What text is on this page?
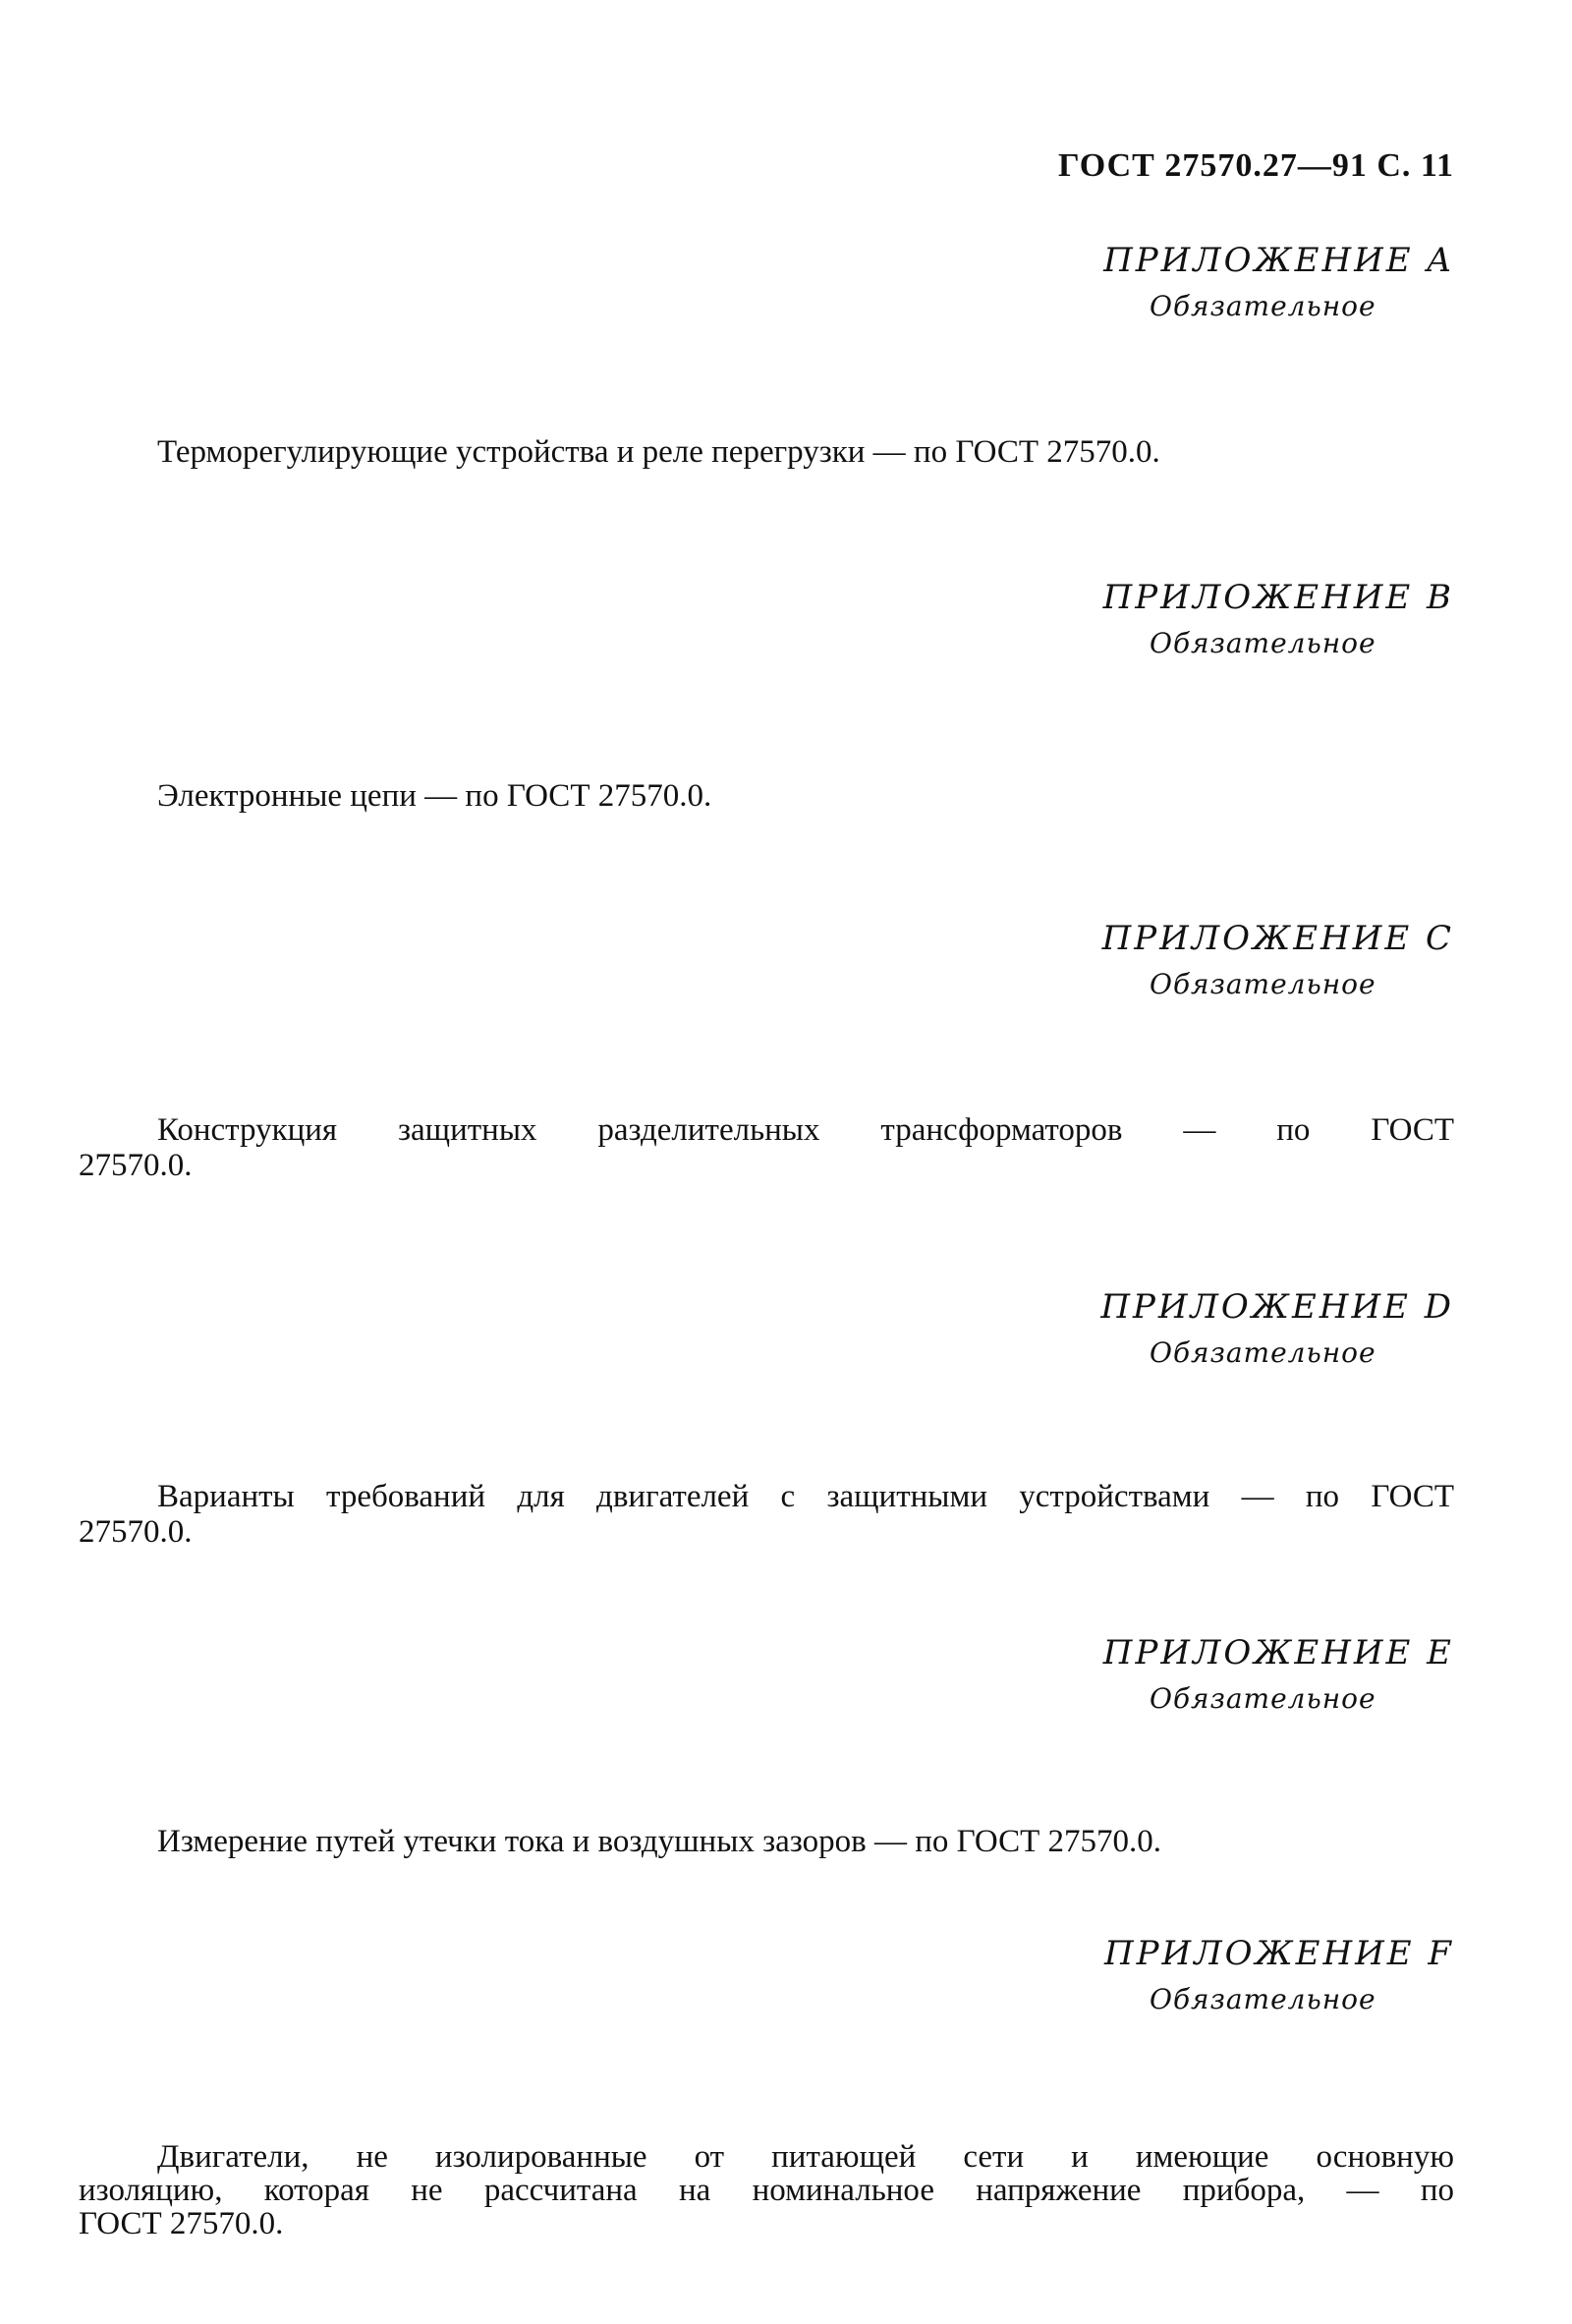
ГОСТ 27570.27—91 С. 11
ПРИЛОЖЕНИЕ A
Обязательное
Терморегулирующие устройства и реле перегрузки — по ГОСТ 27570.0.
ПРИЛОЖЕНИЕ B
Обязательное
Электронные цепи — по ГОСТ 27570.0.
ПРИЛОЖЕНИЕ C
Обязательное
Конструкция защитных разделительных трансформаторов — по ГОСТ
27570.0.
ПРИЛОЖЕНИЕ D
Обязательное
Варианты требований для двигателей с защитными устройствами — по ГОСТ
27570.0.
ПРИЛОЖЕНИЕ E
Обязательное
Измерение путей утечки тока и воздушных зазоров — по ГОСТ 27570.0.
ПРИЛОЖЕНИЕ F
Обязательное
Двигатели, не изолированные от питающей сети и имеющие основную
изоляцию, которая не рассчитана на номинальное напряжение прибора, — по
ГОСТ 27570.0.
